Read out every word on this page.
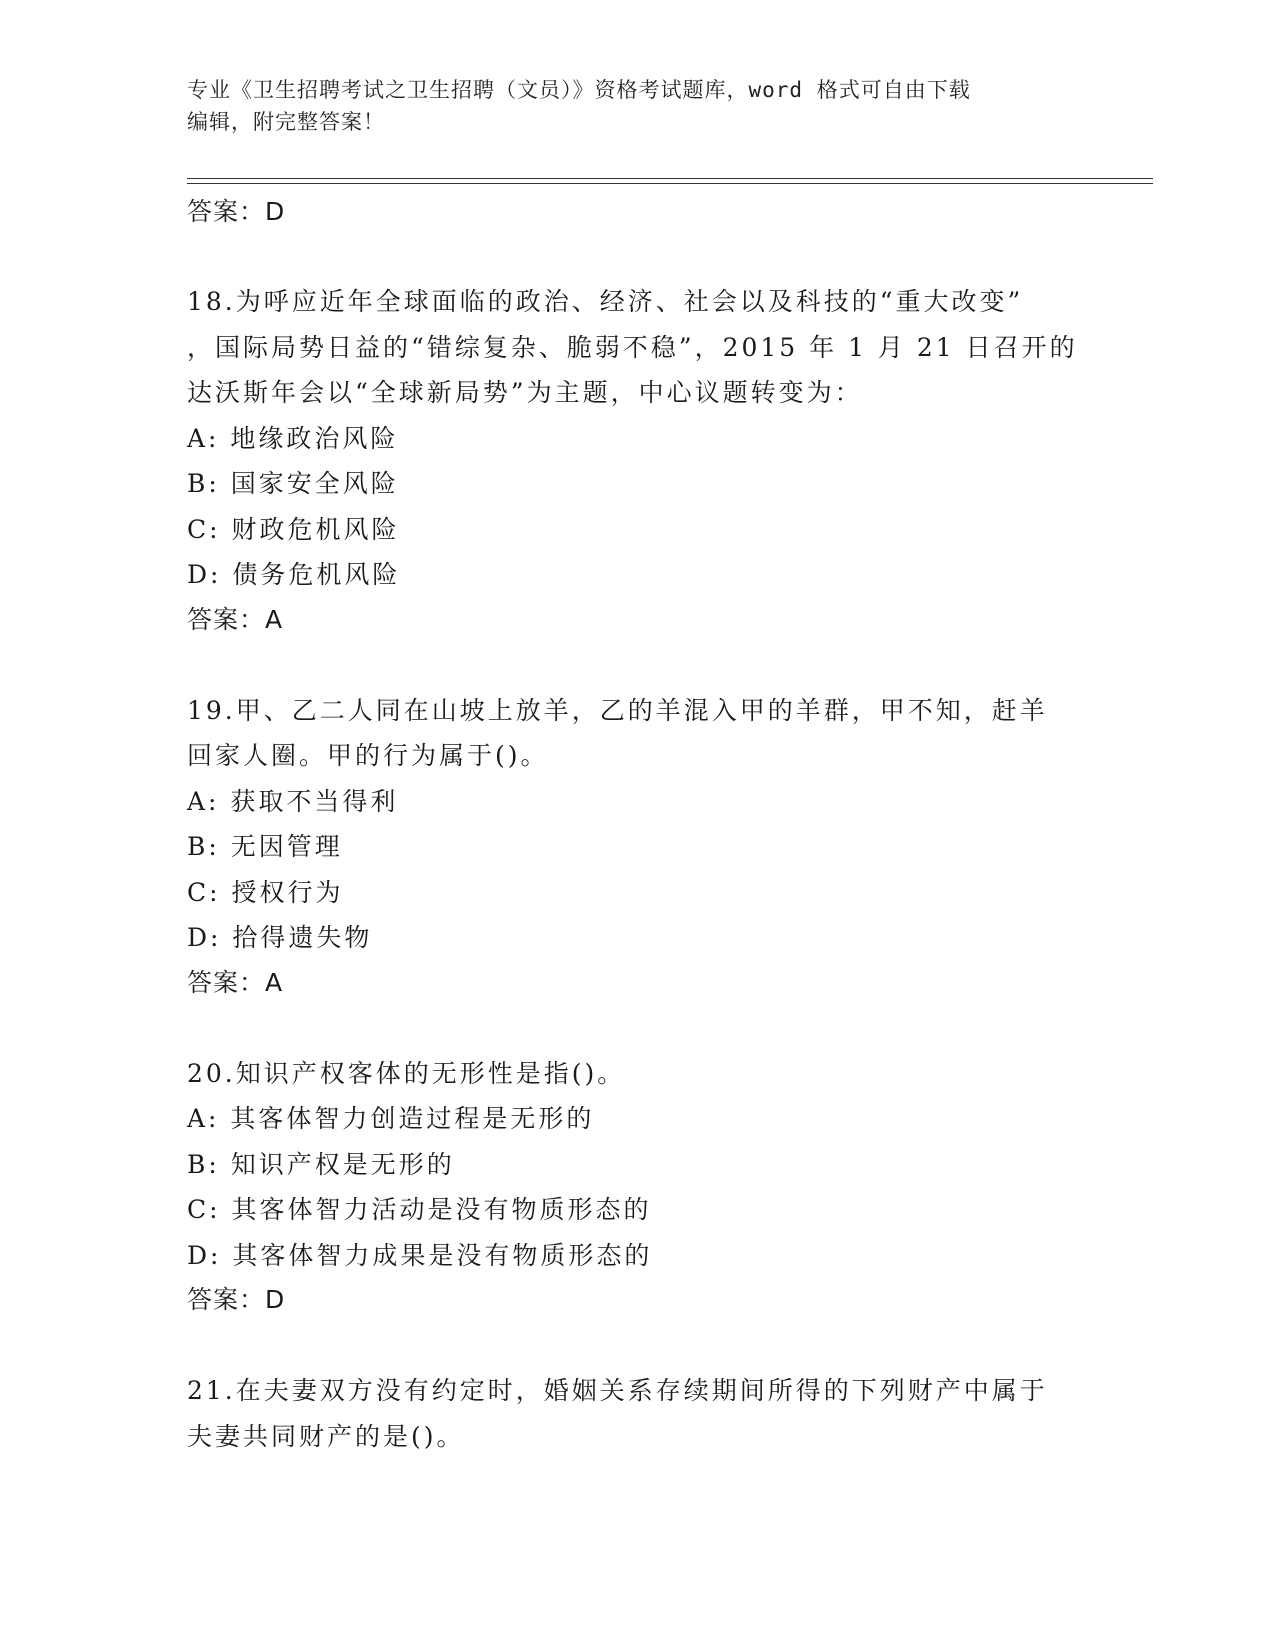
专业《卫生招聘考试之卫生招聘（文员）》资格考试题库，word 格式可自由下载
编辑，附完整答案！
答案：D
18.为呼应近年全球面临的政治、经济、社会以及科技的“重大改变”
，国际局势日益的“错综复杂、脆弱不稳”，2015 年 1 月 21 日召开的
达沃斯年会以“全球新局势”为主题，中心议题转变为：
A: 地缘政治风险
B: 国家安全风险
C: 财政危机风险
D: 债务危机风险
答案：A
19.甲、乙二人同在山坡上放羊，乙的羊混入甲的羊群，甲不知，赶羊
回家人圈。甲的行为属于()。
A: 获取不当得利
B: 无因管理
C: 授权行为
D: 拾得遗失物
答案：A
20.知识产权客体的无形性是指()。
A: 其客体智力创造过程是无形的
B: 知识产权是无形的
C: 其客体智力活动是没有物质形态的
D: 其客体智力成果是没有物质形态的
答案：D
21.在夫妻双方没有约定时，婚姻关系存续期间所得的下列财产中属于
夫妻共同财产的是()。
